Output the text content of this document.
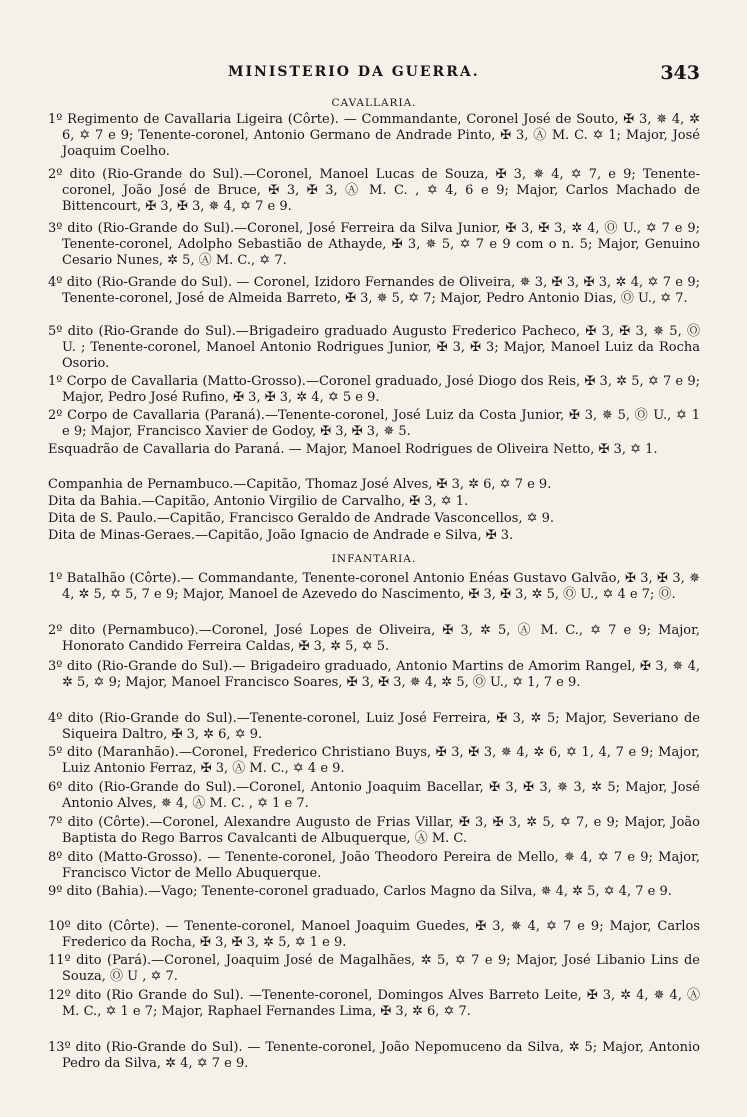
MINISTERIO DA GUERRA.	343
CAVALLARIA.
1º Regimento de Cavallaria Ligeira (Côrte). — Commandante, Coronel José de Souto, ✠ 3, ✵ 4, ✲ 6, ✡ 7 e 9; Tenente-coronel, Antonio Germano de Andrade Pinto, ✠ 3, Ⓐ M. C. ✡ 1; Major, José Joaquim Coelho.
2º dito (Rio-Grande do Sul).—Coronel, Manoel Lucas de Souza, ✠ 3, ✵ 4, ✡ 7, e 9; Tenente-coronel, João José de Bruce, ✠ 3, ✠ 3, Ⓐ M. C. , ✡ 4, 6 e 9; Major, Carlos Machado de Bittencourt, ✠ 3, ✠ 3, ✵ 4, ✡ 7 e 9.
3º dito (Rio-Grande do Sul).—Coronel, José Ferreira da Silva Junior, ✠ 3, ✠ 3, ✲ 4, Ⓞ U., ✡ 7 e 9; Tenente-coronel, Adolpho Sebastião de Athayde, ✠ 3, ✵ 5, ✡ 7 e 9 com o n. 5; Major, Genuino Cesario Nunes, ✲ 5, Ⓐ M. C., ✡ 7.
4º dito (Rio-Grande do Sul). — Coronel, Izidoro Fernandes de Oliveira, ✵ 3, ✠ 3, ✠ 3, ✲ 4, ✡ 7 e 9; Tenente-coronel, José de Almeida Barreto, ✠ 3, ✵ 5, ✡ 7; Major, Pedro Antonio Dias, Ⓞ U., ✡ 7.
5º dito (Rio-Grande do Sul).—Brigadeiro graduado Augusto Frederico Pacheco, ✠ 3, ✠ 3, ✵ 5, Ⓞ U. ; Tenente-coronel, Manoel Antonio Rodrigues Junior, ✠ 3, ✠ 3; Major, Manoel Luiz da Rocha Osorio.
1º Corpo de Cavallaria (Matto-Grosso).—Coronel graduado, José Diogo dos Reis, ✠ 3, ✲ 5, ✡ 7 e 9; Major, Pedro José Rufino, ✠ 3, ✠ 3, ✲ 4, ✡ 5 e 9.
2º Corpo de Cavallaria (Paraná).—Tenente-coronel, José Luiz da Costa Junior, ✠ 3, ✵ 5, Ⓞ U., ✡ 1 e 9; Major, Francisco Xavier de Godoy, ✠ 3, ✠ 3, ✵ 5.
Esquadrão de Cavallaria do Paraná. — Major, Manoel Rodrigues de Oliveira Netto, ✠ 3, ✡ 1.
Companhia de Pernambuco.—Capitão, Thomaz José Alves, ✠ 3, ✲ 6, ✡ 7 e 9.
Dita da Bahia.—Capitão, Antonio Virgilio de Carvalho, ✠ 3, ✡ 1.
Dita de S. Paulo.—Capitão, Francisco Geraldo de Andrade Vasconcellos, ✡ 9.
Dita de Minas-Geraes.—Capitão, João Ignacio de Andrade e Silva, ✠ 3.
INFANTARIA.
1º Batalhão (Côrte).— Commandante, Tenente-coronel Antonio Enéas Gustavo Galvão, ✠ 3, ✠ 3, ✵ 4, ✲ 5, ✡ 5, 7 e 9; Major, Manoel de Azevedo do Nascimento, ✠ 3, ✠ 3, ✲ 5, Ⓞ U., ✡ 4 e 7; Ⓞ.
2º dito (Pernambuco).—Coronel, José Lopes de Oliveira, ✠ 3, ✲ 5, Ⓐ M. C., ✡ 7 e 9; Major, Honorato Candido Ferreira Caldas, ✠ 3, ✲ 5, ✡ 5.
3º dito (Rio-Grande do Sul).— Brigadeiro graduado, Antonio Martins de Amorim Rangel, ✠ 3, ✵ 4, ✲ 5, ✡ 9; Major, Manoel Francisco Soares, ✠ 3, ✠ 3, ✵ 4, ✲ 5, Ⓞ U., ✡ 1, 7 e 9.
4º dito (Rio-Grande do Sul).—Tenente-coronel, Luiz José Ferreira, ✠ 3, ✲ 5; Major, Severiano de Siqueira Daltro, ✠ 3, ✲ 6, ✡ 9.
5º dito (Maranhão).—Coronel, Frederico Christiano Buys, ✠ 3, ✠ 3, ✵ 4, ✲ 6, ✡ 1, 4, 7 e 9; Major, Luiz Antonio Ferraz, ✠ 3, Ⓐ M. C., ✡ 4 e 9.
6º dito (Rio-Grande do Sul).—Coronel, Antonio Joaquim Bacellar, ✠ 3, ✠ 3, ✵ 3, ✲ 5; Major, José Antonio Alves, ✵ 4, Ⓐ M. C. , ✡ 1 e 7.
7º dito (Côrte).—Coronel, Alexandre Augusto de Frias Villar, ✠ 3, ✠ 3, ✲ 5, ✡ 7, e 9; Major, João Baptista do Rego Barros Cavalcanti de Albuquerque, Ⓐ M. C.
8º dito (Matto-Grosso). — Tenente-coronel, João Theodoro Pereira de Mello, ✵ 4, ✡ 7 e 9; Major, Francisco Victor de Mello Abuquerque.
9º dito (Bahia).—Vago; Tenente-coronel graduado, Carlos Magno da Silva, ✵ 4, ✲ 5, ✡ 4, 7 e 9.
10º dito (Côrte). — Tenente-coronel, Manoel Joaquim Guedes, ✠ 3, ✵ 4, ✡ 7 e 9; Major, Carlos Frederico da Rocha, ✠ 3, ✠ 3, ✲ 5, ✡ 1 e 9.
11º dito (Pará).—Coronel, Joaquim José de Magalhães, ✲ 5, ✡ 7 e 9; Major, José Libanio Lins de Souza, Ⓞ U , ✡ 7.
12º dito (Rio Grande do Sul). —Tenente-coronel, Domingos Alves Barreto Leite, ✠ 3, ✲ 4, ✵ 4, Ⓐ M. C., ✡ 1 e 7; Major, Raphael Fernandes Lima, ✠ 3, ✲ 6, ✡ 7.
13º dito (Rio-Grande do Sul). — Tenente-coronel, João Nepomuceno da Silva, ✲ 5; Major, Antonio Pedro da Silva, ✲ 4, ✡ 7 e 9.
